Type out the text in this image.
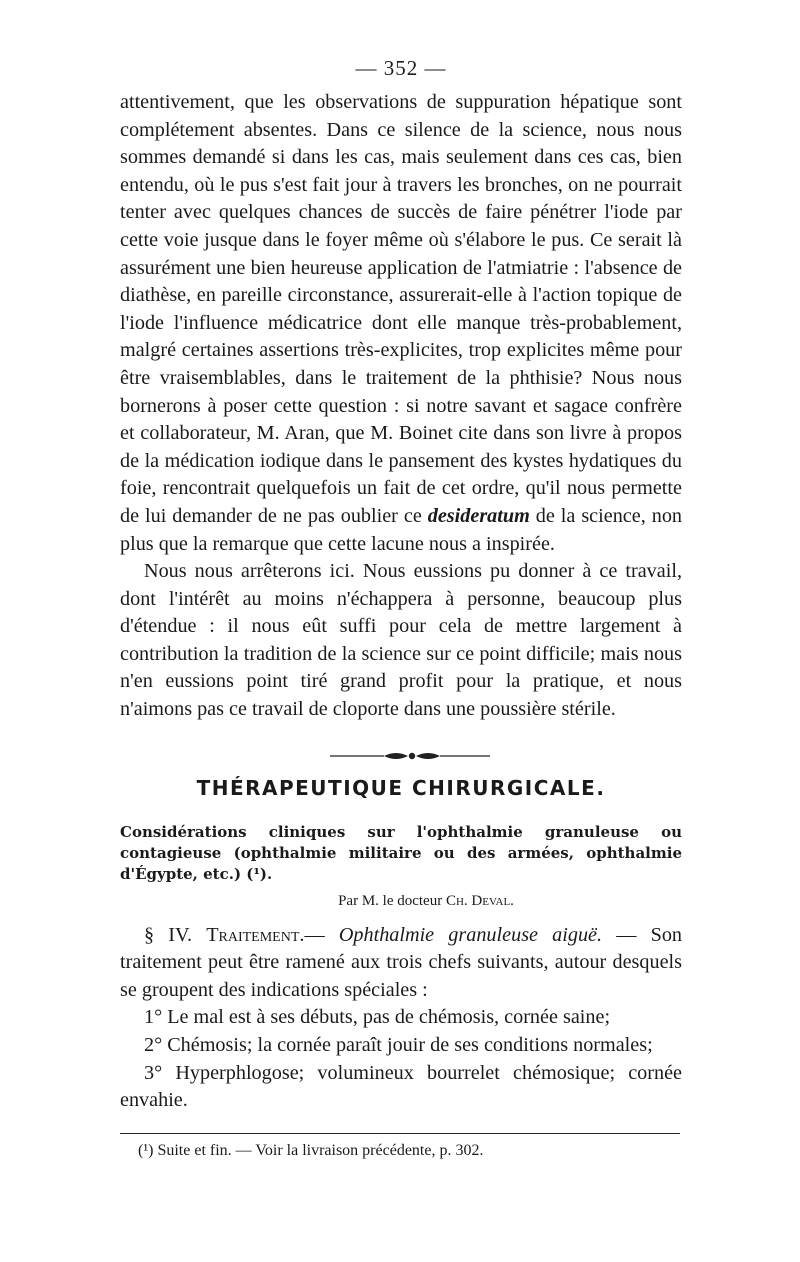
— 352 —

attentivement, que les observations de suppuration hépatique sont complétement absentes. Dans ce silence de la science, nous nous sommes demandé si dans les cas, mais seulement dans ces cas, bien entendu, où le pus s'est fait jour à travers les bronches, on ne pourrait tenter avec quelques chances de succès de faire pénétrer l'iode par cette voie jusque dans le foyer même où s'élabore le pus. Ce serait là assurément une bien heureuse application de l'atmiatrie : l'absence de diathèse, en pareille circonstance, assurerait-elle à l'action topique de l'iode l'influence médicatrice dont elle manque très-probablement, malgré certaines assertions très-explicites, trop explicites même pour être vraisemblables, dans le traitement de la phthisie? Nous nous bornerons à poser cette question : si notre savant et sagace confrère et collaborateur, M. Aran, que M. Boinet cite dans son livre à propos de la médication iodique dans le pansement des kystes hydatiques du foie, rencontrait quelquefois un fait de cet ordre, qu'il nous permette de lui demander de ne pas oublier ce desideratum de la science, non plus que la remarque que cette lacune nous a inspirée.

Nous nous arrêterons ici. Nous eussions pu donner à ce travail, dont l'intérêt au moins n'échappera à personne, beaucoup plus d'étendue : il nous eût suffi pour cela de mettre largement à contribution la tradition de la science sur ce point difficile; mais nous n'en eussions point tiré grand profit pour la pratique, et nous n'aimons pas ce travail de cloporte dans une poussière stérile.

THÉRAPEUTIQUE CHIRURGICALE.

Considérations cliniques sur l'ophthalmie granuleuse ou contagieuse (ophthalmie militaire ou des armées, ophthalmie d'Égypte, etc.) (¹).

Par M. le docteur Ch. Deval.

§ IV. Traitement.— Ophthalmie granuleuse aiguë. — Son traitement peut être ramené aux trois chefs suivants, autour desquels se groupent des indications spéciales :

1° Le mal est à ses débuts, pas de chémosis, cornée saine;

2° Chémosis; la cornée paraît jouir de ses conditions normales;

3° Hyperphlogose; volumineux bourrelet chémosique; cornée envahie.

(¹) Suite et fin. — Voir la livraison précédente, p. 302.
